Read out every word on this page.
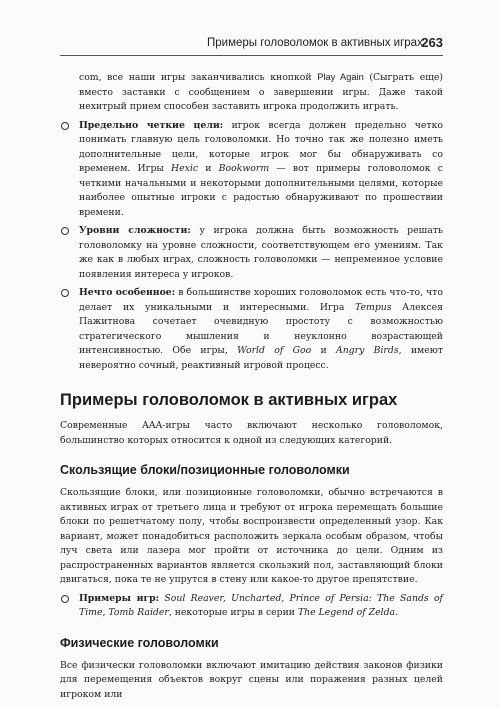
Примеры головоломок в активных играх
263

com, все наши игры заканчивались кнопкой Play Again (Сыграть еще) вместо заставки с сообщением о завершении игры. Даже такой нехитрый прием способен заставить игрока продолжить играть.

Предельно четкие цели: игрок всегда должен предельно четко понимать главную цель головоломки. Но точно так же полезно иметь дополнительные цели, которые игрок мог бы обнаруживать со временем. Игры Hexic и Bookworm — вот примеры головоломок с четкими начальными и некоторыми дополнительными целями, которые наиболее опытные игроки с радостью обнаруживают по прошествии времени.
Уровни сложности: у игрока должна быть возможность решать головоломку на уровне сложности, соответствующем его умениям. Так же как в любых играх, сложность головоломки — непременное условие появления интереса у игроков.
Нечто особенное: в большинстве хороших головоломок есть что-то, что делает их уникальными и интересными. Игра Tempus Алексея Пажитнова сочетает очевидную простоту с возможностью стратегического мышления и неуклонно возрастающей интенсивностью. Обе игры, World of Goo и Angry Birds, имеют невероятно сочный, реактивный игровой процесс.
Примеры головоломок в активных играх

Современные AAA-игры часто включают несколько головоломок, большинство которых относится к одной из следующих категорий.

Скользящие блоки/позиционные головоломки

Скользящие блоки, или позиционные головоломки, обычно встречаются в активных играх от третьего лица и требуют от игрока перемещать большие блоки по решетчатому полу, чтобы воспроизвести определенный узор. Как вариант, может понадобиться расположить зеркала особым образом, чтобы луч света или лазера мог пройти от источника до цели. Одним из распространенных вариантов является скользкий пол, заставляющий блоки двигаться, пока те не упрутся в стену или какое-то другое препятствие.

Примеры игр: Soul Reaver, Uncharted, Prince of Persia: The Sands of Time, Tomb Raider, некоторые игры в серии The Legend of Zelda.
Физические головоломки

Все физически головоломки включают имитацию действия законов физики для перемещения объектов вокруг сцены или поражения разных целей игроком или
